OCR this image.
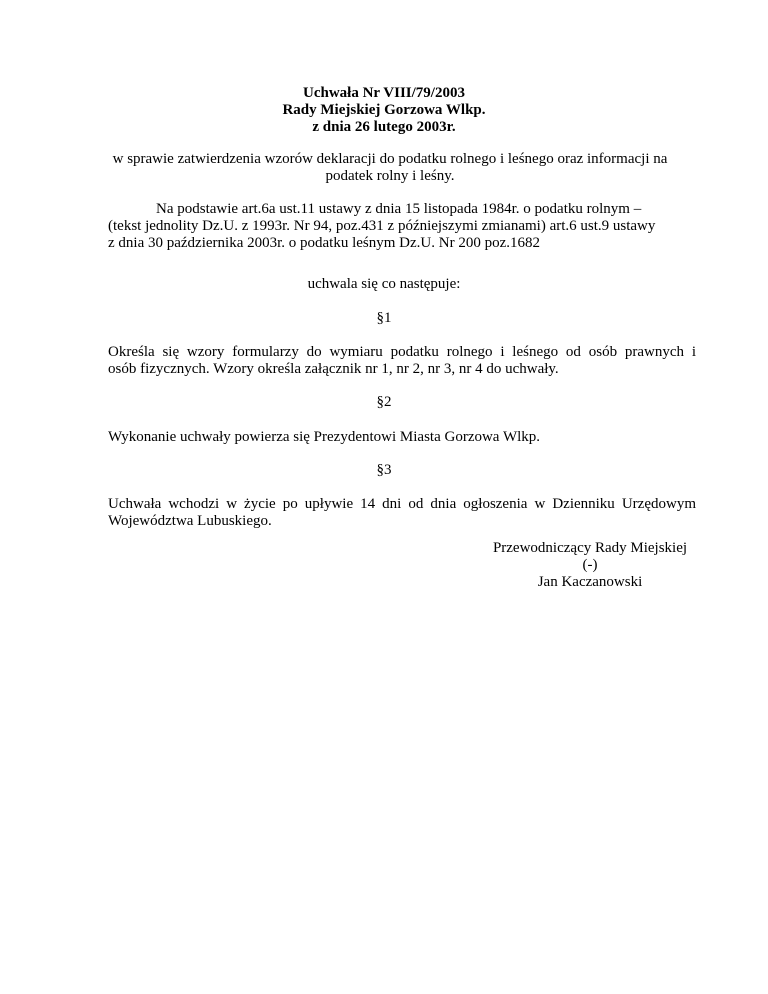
Uchwała Nr VIII/79/2003
Rady Miejskiej Gorzowa Wlkp.
z dnia 26 lutego 2003r.
w sprawie zatwierdzenia wzorów deklaracji do podatku rolnego i leśnego oraz informacji na
podatek rolny i leśny.
Na podstawie art.6a ust.11 ustawy z dnia 15 listopada 1984r. o podatku rolnym –
(tekst jednolity Dz.U. z 1993r. Nr 94, poz.431 z późniejszymi zmianami) art.6 ust.9 ustawy
z dnia 30 października 2003r. o podatku leśnym Dz.U. Nr 200 poz.1682
uchwala się co następuje:
§1
Określa się wzory formularzy do wymiaru podatku rolnego i leśnego od osób prawnych i
osób fizycznych. Wzory określa załącznik nr 1, nr 2, nr 3, nr 4 do uchwały.
§2
Wykonanie uchwały powierza się Prezydentowi Miasta Gorzowa Wlkp.
§3
Uchwała wchodzi w życie po upływie 14 dni od dnia ogłoszenia w Dzienniku Urzędowym
Województwa Lubuskiego.
Przewodniczący Rady Miejskiej
(-)
Jan Kaczanowski
